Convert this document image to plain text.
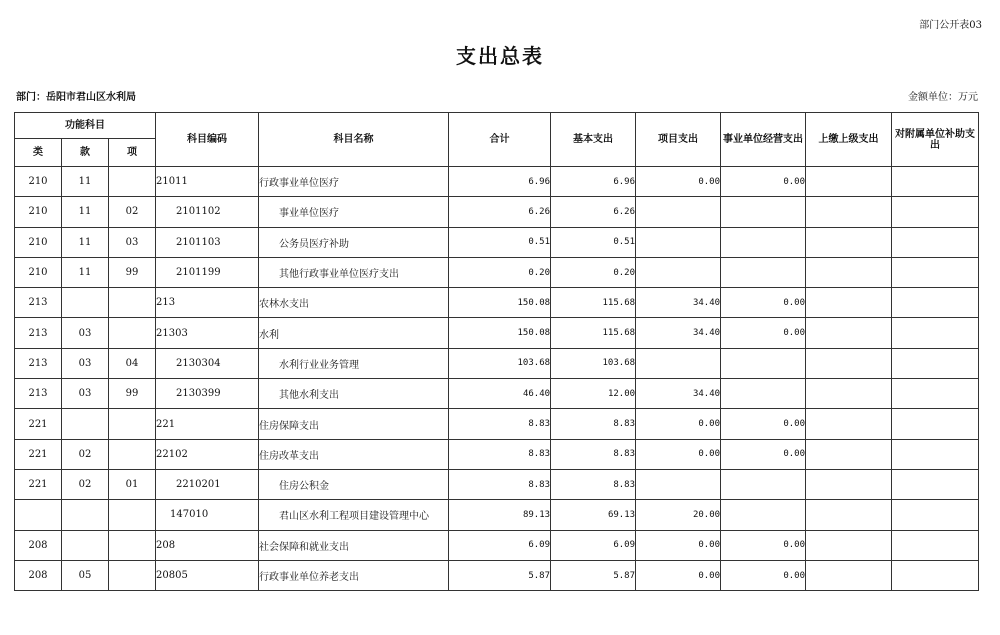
部门公开表03
支出总表
部门：岳阳市君山区水利局	金额单位：万元
功能科目			科目编码	科目名称	合计	基本支出	项目支出	事业单位经营支出	上缴上级支出	对附属单位补助支出
类	款	项								
210	11		21011	行政事业单位医疗	6.96	6.96	0.00	0.00		
210	11	02	2101102	事业单位医疗	6.26	6.26				
210	11	03	2101103	公务员医疗补助	0.51	0.51				
210	11	99	2101199	其他行政事业单位医疗支出	0.20	0.20				
213			213	农林水支出	150.08	115.68	34.40	0.00		
213	03		21303	水利	150.08	115.68	34.40	0.00		
213	03	04	2130304	水利行业业务管理	103.68	103.68				
213	03	99	2130399	其他水利支出	46.40	12.00	34.40			
221			221	住房保障支出	8.83	8.83	0.00	0.00		
221	02		22102	住房改革支出	8.83	8.83	0.00	0.00		
221	02	01	2210201	住房公积金	8.83	8.83				
			147010	君山区水利工程项目建设管理中心	89.13	69.13	20.00			
208			208	社会保障和就业支出	6.09	6.09	0.00	0.00		
208	05		20805	行政事业单位养老支出	5.87	5.87	0.00	0.00		
